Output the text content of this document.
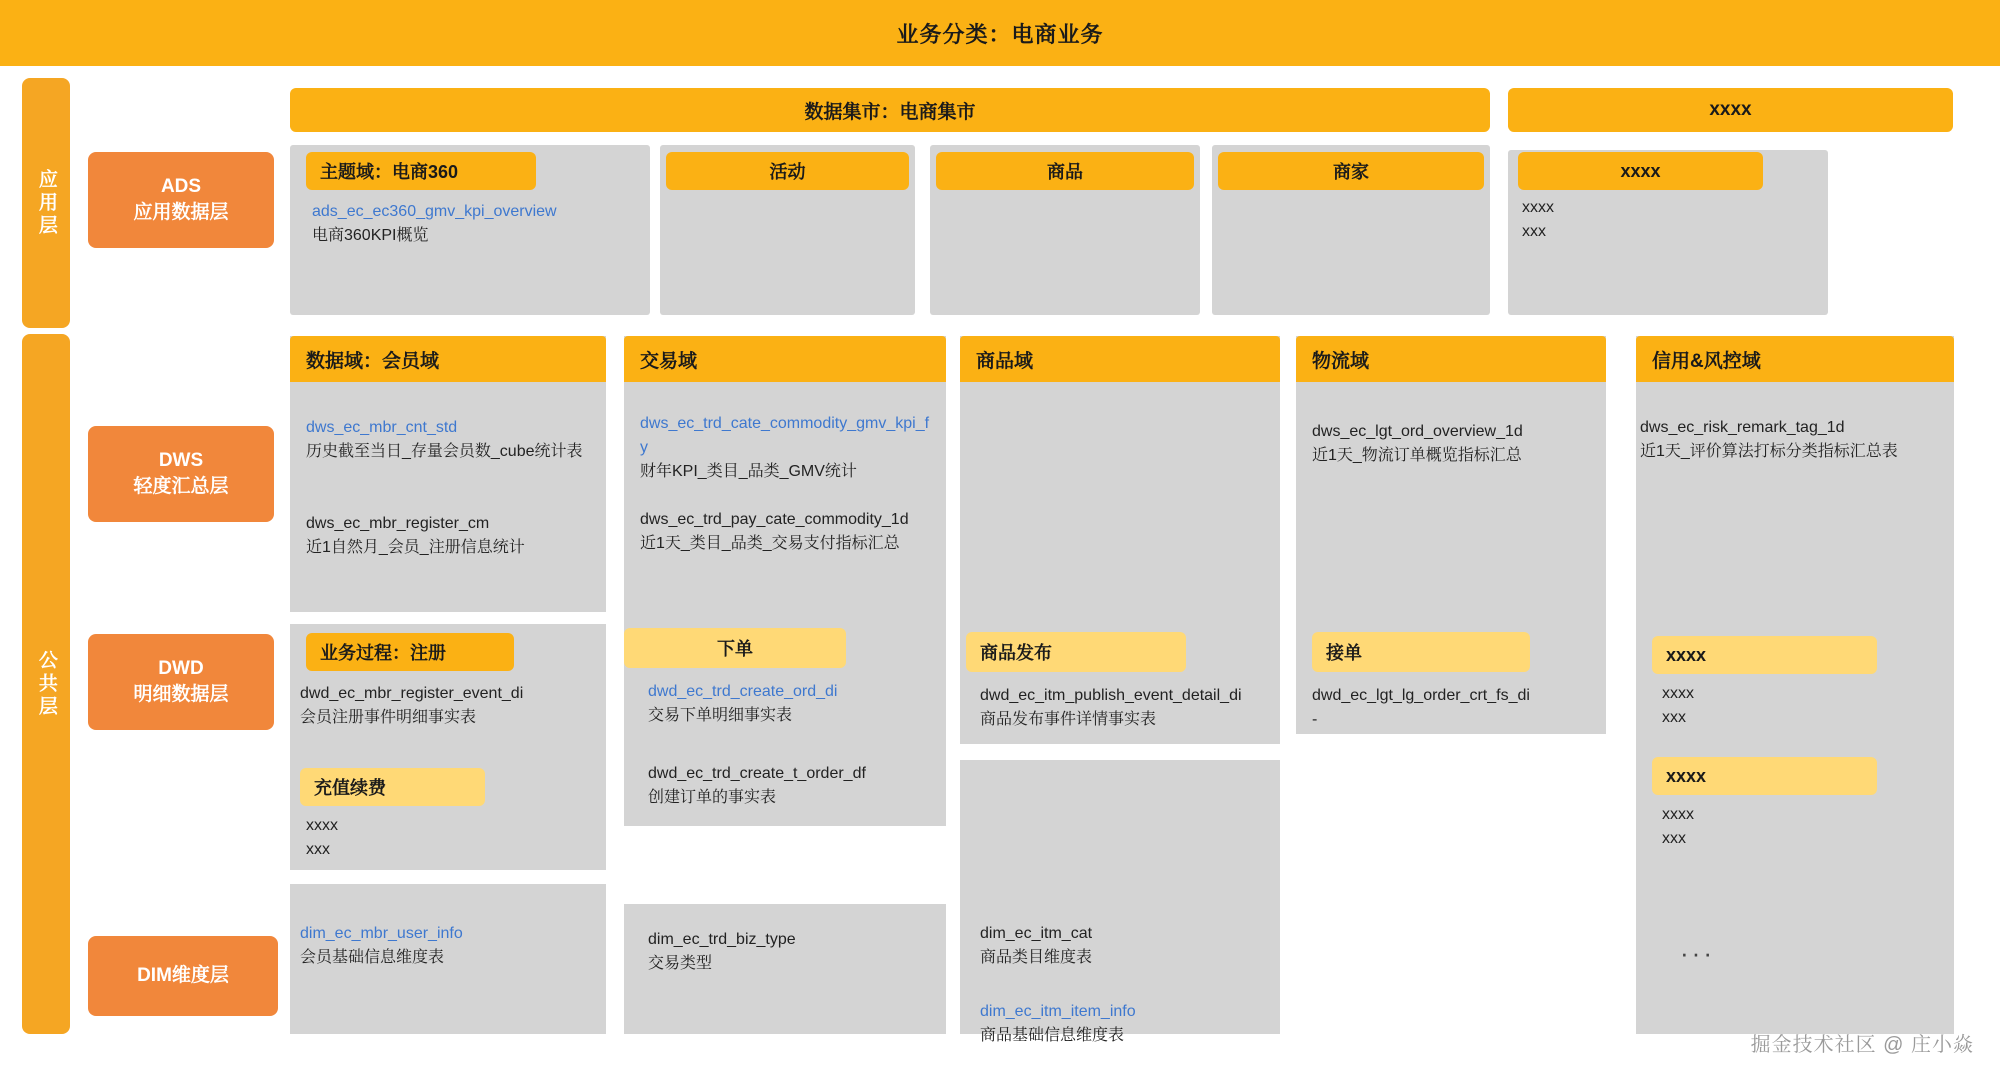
业务分类：电商业务
应用层
公共层
ADS
应用数据层
DWS
轻度汇总层
DWD
明细数据层
DIM维度层
数据集市：电商集市	xxxx
主题域：电商360
ads_ec_ec360_gmv_kpi_overview
电商360KPI概览
活动	商品	商家	xxxx
xxxx
xxx
数据域：会员域
dws_ec_mbr_cnt_std
历史截至当日_存量会员数_cube统计表
dws_ec_mbr_register_cm
近1自然月_会员_注册信息统计
业务过程：注册
dwd_ec_mbr_register_event_di
会员注册事件明细事实表
充值续费
xxxx
xxx
dim_ec_mbr_user_info
会员基础信息维度表
交易域
dws_ec_trd_cate_commodity_gmv_kpi_fy
财年KPI_类目_品类_GMV统计
dws_ec_trd_pay_cate_commodity_1d
近1天_类目_品类_交易支付指标汇总
下单
dwd_ec_trd_create_ord_di
交易下单明细事实表
dwd_ec_trd_create_t_order_df
创建订单的事实表
dim_ec_trd_biz_type
交易类型
商品域
商品发布
dwd_ec_itm_publish_event_detail_di
商品发布事件详情事实表
dim_ec_itm_cat
商品类目维度表
dim_ec_itm_item_info
商品基础信息维度表
物流域
dws_ec_lgt_ord_overview_1d
近1天_物流订单概览指标汇总
接单
dwd_ec_lgt_lg_order_crt_fs_di
-
信用&风控域
dws_ec_risk_remark_tag_1d
近1天_评价算法打标分类指标汇总表
xxxx
xxxx
xxx
xxxx
xxxx
xxx
···
掘金技术社区 @ 庄小焱
